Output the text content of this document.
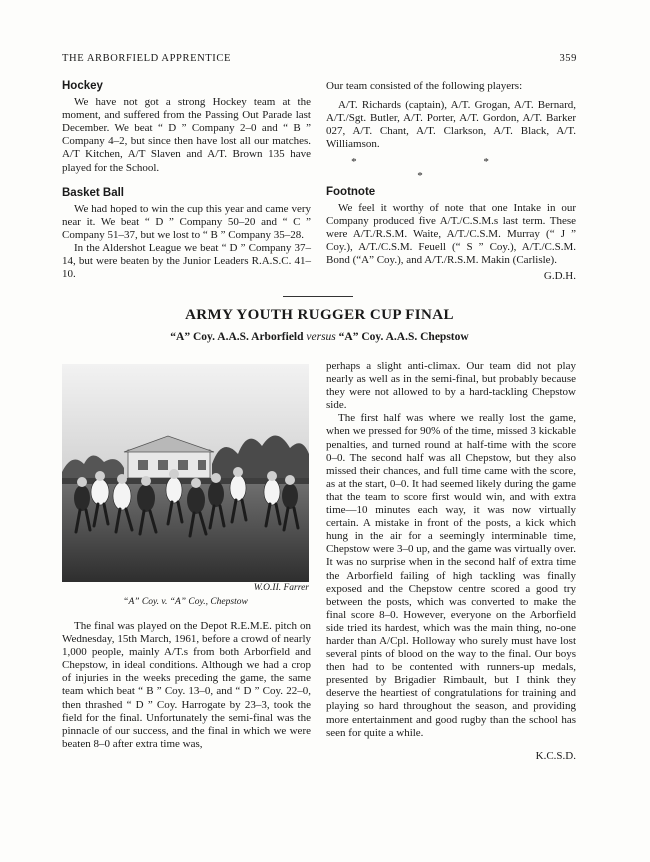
THE ARBORFIELD APPRENTICE	359
Hockey

We have not got a strong Hockey team at the moment, and suffered from the Passing Out Parade last December. We beat “ D ” Company 2–0 and “ B ” Company 4–2, but since then have lost all our matches. A/T Kitchen, A/T Slaven and A/T. Brown 135 have played for the School.

Basket Ball

We had hoped to win the cup this year and came very near it. We beat “ D ” Company 50–20 and “ C ” Company 51–37, but we lost to “ B ” Company 35–28.

In the Aldershot League we beat “ D ” Company 37–14, but were beaten by the Junior Leaders R.A.S.C. 41–10.

Our team consisted of the following players:

A/T. Richards (captain), A/T. Grogan, A/T. Bernard, A/T./Sgt. Butler, A/T. Porter, A/T. Gordon, A/T. Barker 027, A/T. Chant, A/T. Clarkson, A/T. Black, A/T. Williamson.

* * *
Footnote

We feel it worthy of note that one Intake in our Company produced five A/T./C.S.M.s last term. These were A/T./R.S.M. Waite, A/T./C.S.M. Murray (“ J ” Coy.), A/T./C.S.M. Feuell (“ S ” Coy.), A/T./C.S.M. Bond (“A” Coy.), and A/T./R.S.M. Makin (Carlisle).

G.D.H.
ARMY YOUTH RUGGER CUP FINAL
“A” Coy. A.A.S. Arborfield versus “A” Coy. A.A.S. Chepstow
W.O.II. Farrer
“A” Coy. v. “A” Coy., Chepstow

The final was played on the Depot R.E.M.E. pitch on Wednesday, 15th March, 1961, before a crowd of nearly 1,000 people, mainly A/T.s from both Arborfield and Chepstow, in ideal conditions. Although we had a crop of injuries in the weeks preceding the game, the same team which beat “ B ” Coy. 13–0, and “ D ” Coy. 22–0, then thrashed “ D ” Coy. Harrogate by 23–3, took the field for the final. Unfortunately the semi-final was the pinnacle of our success, and the final in which we were beaten 8–0 after extra time was,

perhaps a slight anti-climax. Our team did not play nearly as well as in the semi-final, but probably because they were not allowed to by a hard-tackling Chepstow side.

The first half was where we really lost the game, when we pressed for 90% of the time, missed 3 kickable penalties, and turned round at half-time with the score 0–0. The second half was all Chepstow, but they also missed their chances, and full time came with the score, as at the start, 0–0. It had seemed likely during the game that the team to score first would win, and with extra time—10 minutes each way, it was now virtually certain. A mistake in front of the posts, a kick which hung in the air for a seemingly interminable time, Chepstow were 3–0 up, and the game was virtually over. It was no surprise when in the second half of extra time the Arborfield failing of high tackling was finally exposed and the Chepstow centre scored a good try between the posts, which was converted to make the final score 8–0. However, everyone on the Arborfield side tried its hardest, which was the main thing, no-one harder than A/Cpl. Holloway who surely must have lost several pints of blood on the way to the final. Our boys then had to be contented with runners-up medals, presented by Brigadier Rimbault, but I think they deserve the heartiest of congratulations for training and playing so hard throughout the season, and providing more entertainment and good rugby than the school has seen for quite a while.

K.C.S.D.
